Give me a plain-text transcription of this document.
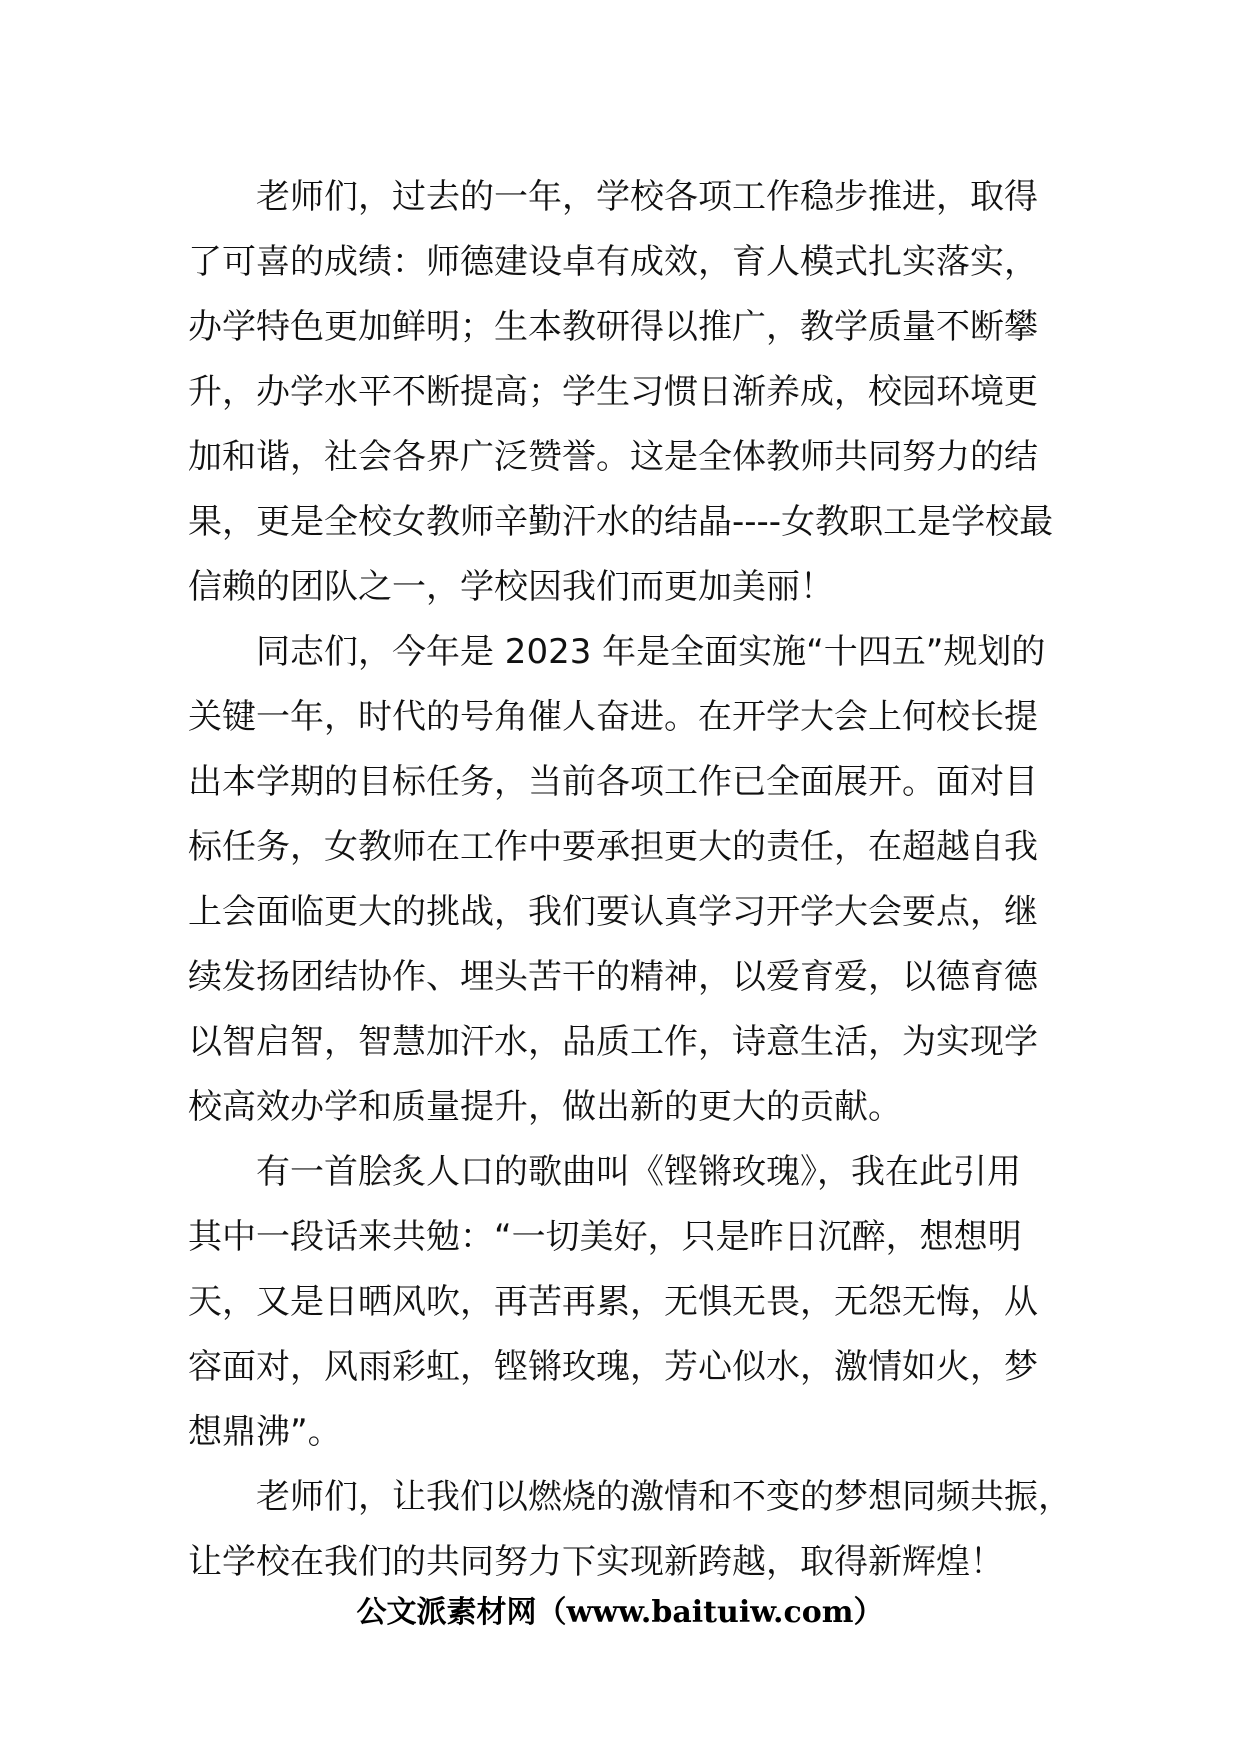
老师们，过去的一年，学校各项工作稳步推进，取得
了可喜的成绩：师德建设卓有成效，育人模式扎实落实，
办学特色更加鲜明；生本教研得以推广，教学质量不断攀
升，办学水平不断提高；学生习惯日渐养成，校园环境更
加和谐，社会各界广泛赞誉。这是全体教师共同努力的结
果，更是全校女教师辛勤汗水的结晶----女教职工是学校最
信赖的团队之一，学校因我们而更加美丽！

同志们，今年是 2023 年是全面实施“十四五”规划的
关键一年，时代的号角催人奋进。在开学大会上何校长提
出本学期的目标任务，当前各项工作已全面展开。面对目
标任务，女教师在工作中要承担更大的责任，在超越自我
上会面临更大的挑战，我们要认真学习开学大会要点，继
续发扬团结协作、埋头苦干的精神，以爱育爱，以德育德
以智启智，智慧加汗水，品质工作，诗意生活，为实现学
校高效办学和质量提升，做出新的更大的贡献。

有一首脍炙人口的歌曲叫《铿锵玫瑰》，我在此引用
其中一段话来共勉：“一切美好，只是昨日沉醉，想想明
天，又是日晒风吹，再苦再累，无惧无畏，无怨无悔，从
容面对，风雨彩虹，铿锵玫瑰，芳心似水，激情如火，梦
想鼎沸”。

老师们，让我们以燃烧的激情和不变的梦想同频共振，
让学校在我们的共同努力下实现新跨越，取得新辉煌！

公文派素材网（www.baituiw.com）
